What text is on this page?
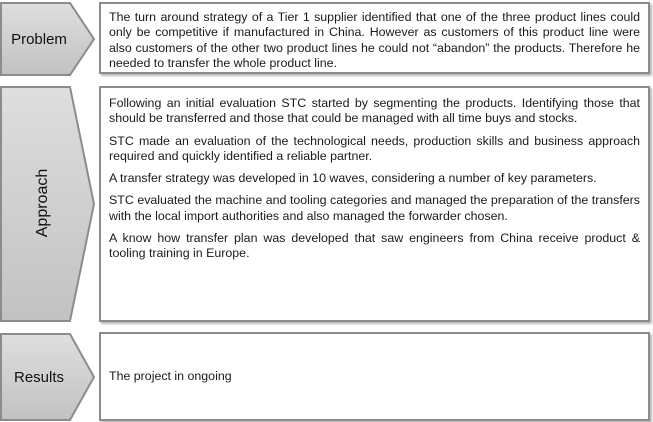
Problem

The turn around strategy of a Tier 1 supplier identified that one of the three product lines could only be competitive if manufactured in China. However as customers of this product line were also customers of the other two product lines he could not “abandon” the products. Therefore he needed to transfer the whole product line.

Approach

Following an initial evaluation STC started by segmenting the products. Identifying those that should be transferred and those that could be managed with all time buys and stocks.

STC made an evaluation of the technological needs, production skills and business approach required and quickly identified a reliable partner.

A transfer strategy was developed in 10 waves, considering a number of key parameters.

STC evaluated the machine and tooling categories and managed the preparation of the transfers with the local import authorities and also managed the forwarder chosen.

A know how transfer plan was developed that saw engineers from China receive product & tooling training in Europe.

Results	The project in ongoing
